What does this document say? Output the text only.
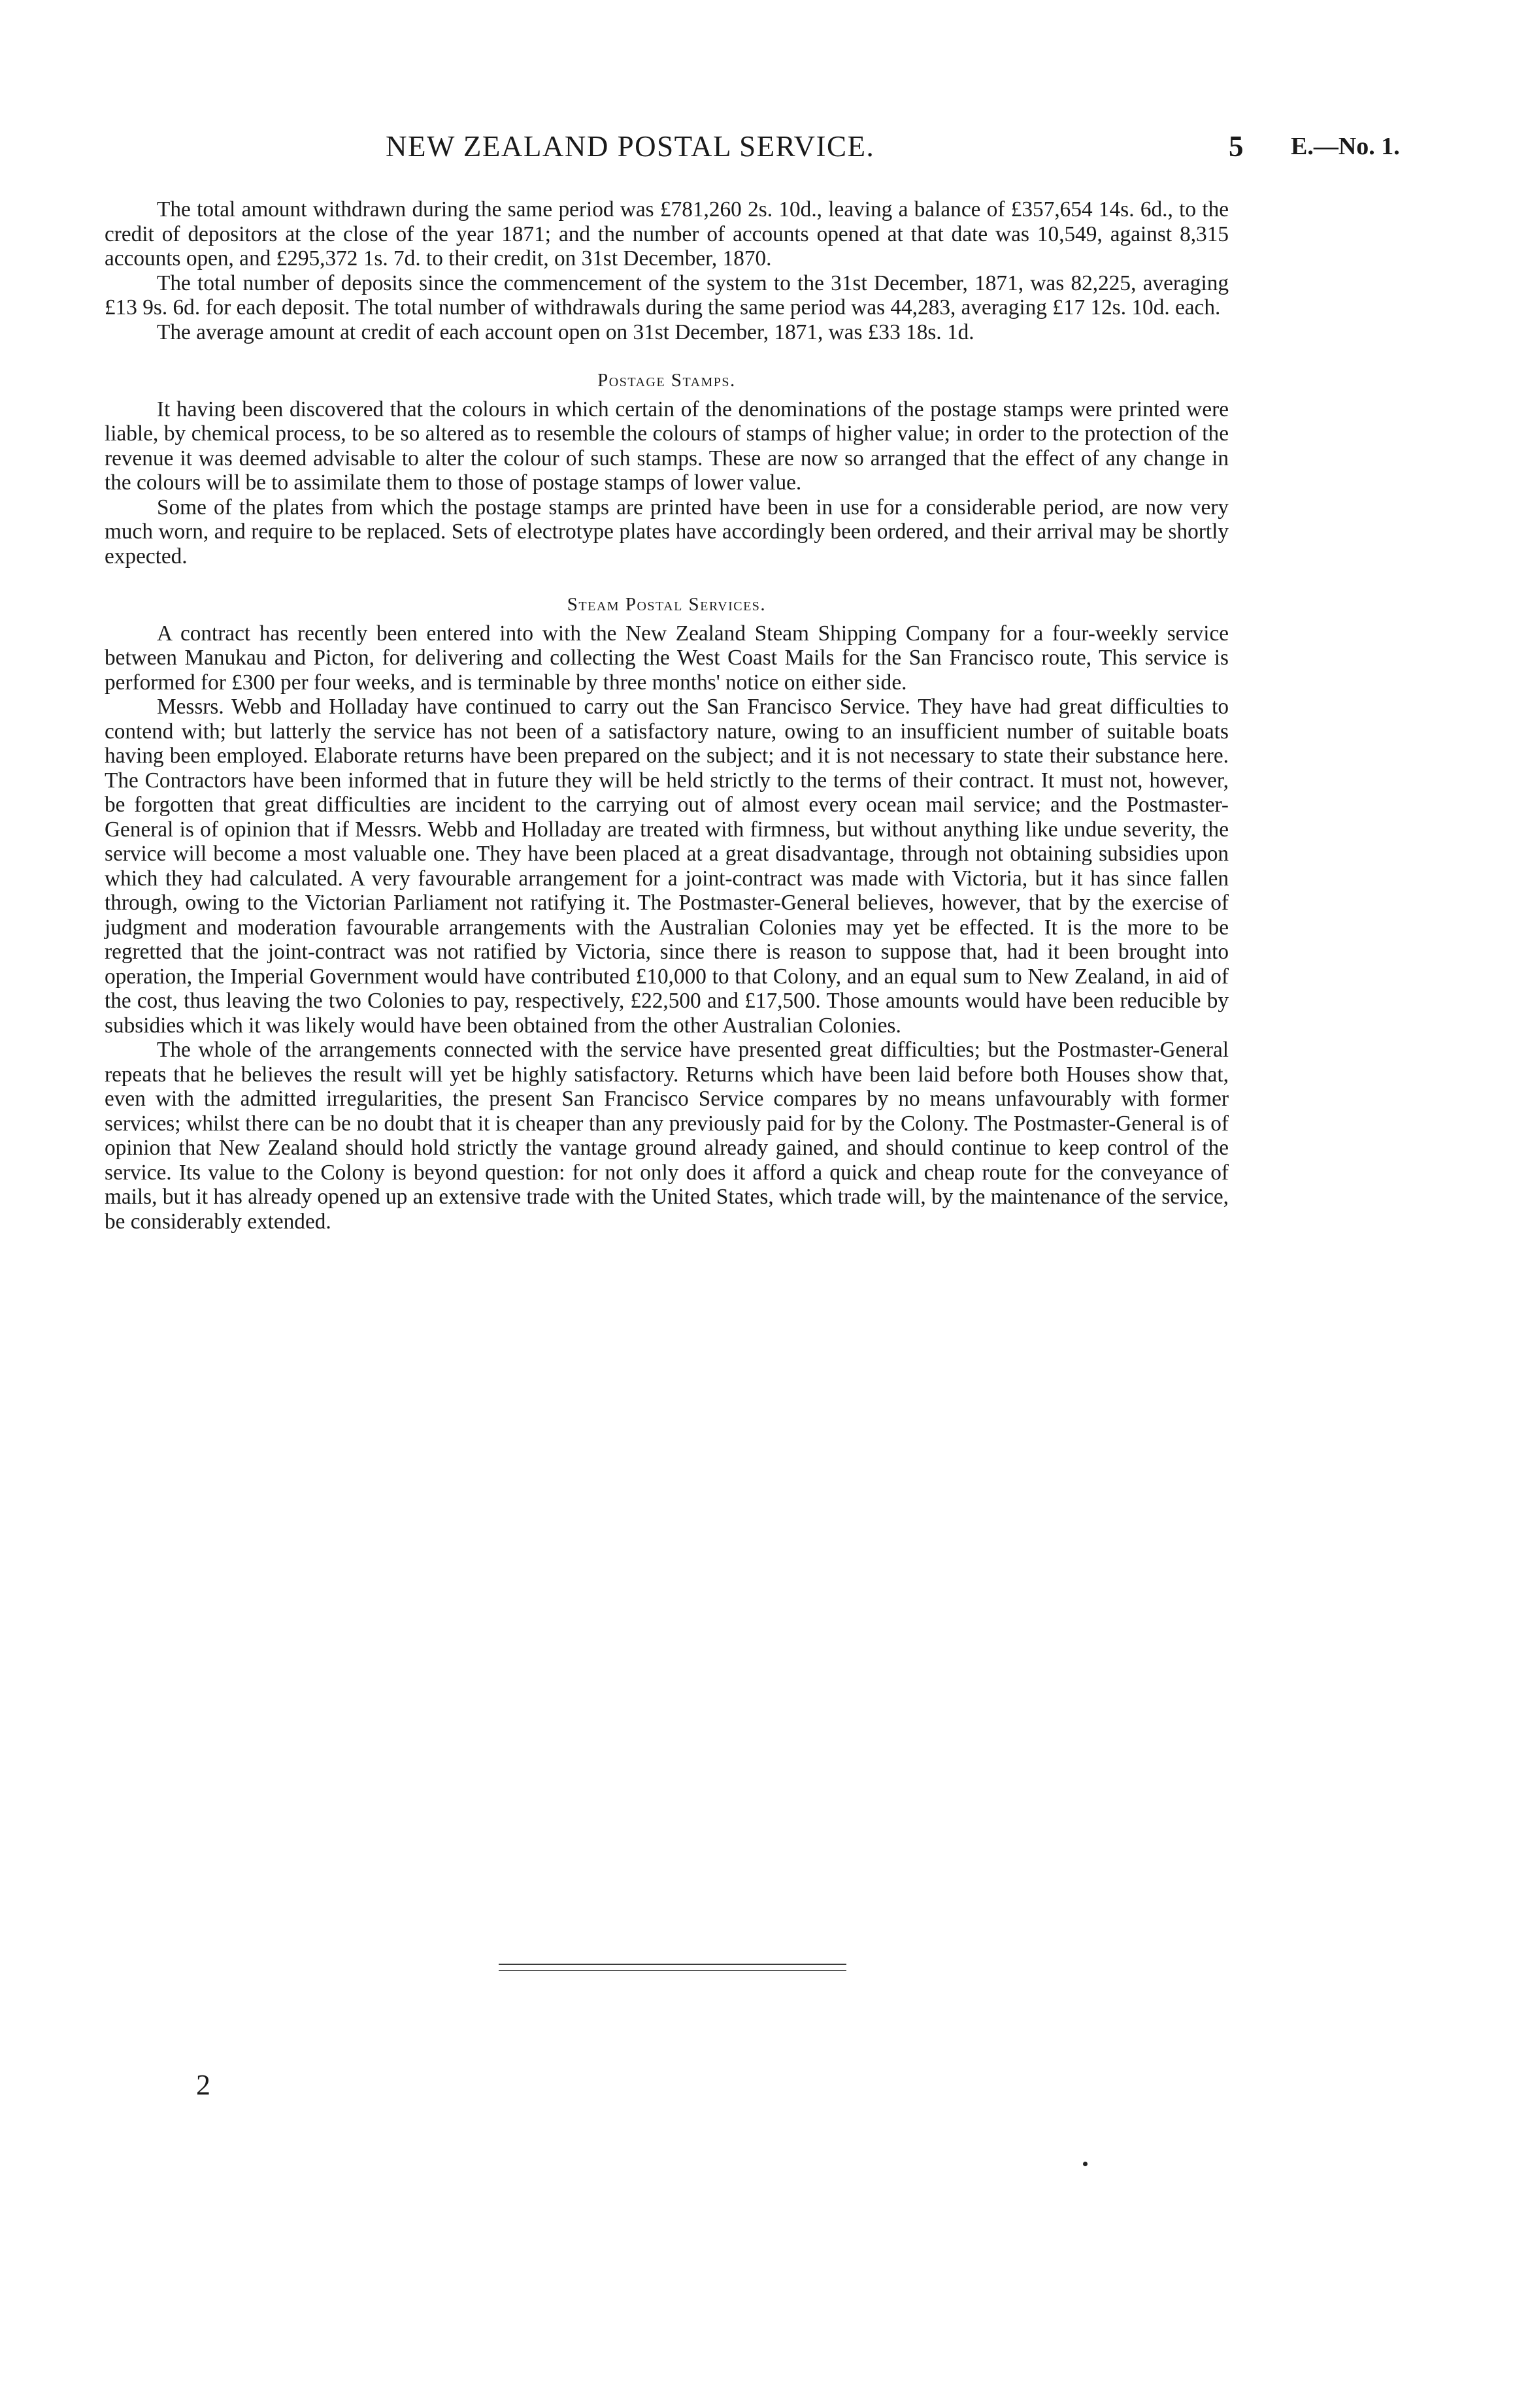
NEW ZEALAND POSTAL SERVICE.	5 E.—No. 1.

The total amount withdrawn during the same period was £781,260 2s. 10d., leaving a balance of £357,654 14s. 6d., to the credit of depositors at the close of the year 1871; and the number of accounts opened at that date was 10,549, against 8,315 accounts open, and £295,372 1s. 7d. to their credit, on 31st December, 1870.

The total number of deposits since the commencement of the system to the 31st December, 1871, was 82,225, averaging £13 9s. 6d. for each deposit. The total number of withdrawals during the same period was 44,283, averaging £17 12s. 10d. each.

The average amount at credit of each account open on 31st December, 1871, was £33 18s. 1d.

Postage Stamps.

It having been discovered that the colours in which certain of the denominations of the postage stamps were printed were liable, by chemical process, to be so altered as to resemble the colours of stamps of higher value; in order to the protection of the revenue it was deemed advisable to alter the colour of such stamps. These are now so arranged that the effect of any change in the colours will be to assimilate them to those of postage stamps of lower value.

Some of the plates from which the postage stamps are printed have been in use for a considerable period, are now very much worn, and require to be replaced. Sets of electrotype plates have accordingly been ordered, and their arrival may be shortly expected.

Steam Postal Services.

A contract has recently been entered into with the New Zealand Steam Shipping Company for a four-weekly service between Manukau and Picton, for delivering and collecting the West Coast Mails for the San Francisco route, This service is performed for £300 per four weeks, and is terminable by three months' notice on either side.

Messrs. Webb and Holladay have continued to carry out the San Francisco Service. They have had great difficulties to contend with; but latterly the service has not been of a satisfactory nature, owing to an insufficient number of suitable boats having been employed. Elaborate returns have been prepared on the subject; and it is not necessary to state their substance here. The Contractors have been informed that in future they will be held strictly to the terms of their contract. It must not, however, be forgotten that great difficulties are incident to the carrying out of almost every ocean mail service; and the Postmaster-General is of opinion that if Messrs. Webb and Holladay are treated with firmness, but without anything like undue severity, the service will become a most valuable one. They have been placed at a great disadvantage, through not obtaining subsidies upon which they had calculated. A very favourable arrangement for a joint-contract was made with Victoria, but it has since fallen through, owing to the Victorian Parliament not ratifying it. The Postmaster-General believes, however, that by the exercise of judgment and moderation favourable arrangements with the Australian Colonies may yet be effected. It is the more to be regretted that the joint-contract was not ratified by Victoria, since there is reason to suppose that, had it been brought into operation, the Imperial Government would have contributed £10,000 to that Colony, and an equal sum to New Zealand, in aid of the cost, thus leaving the two Colonies to pay, respectively, £22,500 and £17,500. Those amounts would have been reducible by subsidies which it was likely would have been obtained from the other Australian Colonies.

The whole of the arrangements connected with the service have presented great difficulties; but the Postmaster-General repeats that he believes the result will yet be highly satisfactory. Returns which have been laid before both Houses show that, even with the admitted irregularities, the present San Francisco Service compares by no means unfavourably with former services; whilst there can be no doubt that it is cheaper than any previously paid for by the Colony. The Postmaster-General is of opinion that New Zealand should hold strictly the vantage ground already gained, and should continue to keep control of the service. Its value to the Colony is beyond question: for not only does it afford a quick and cheap route for the conveyance of mails, but it has already opened up an extensive trade with the United States, which trade will, by the maintenance of the service, be considerably extended.

2
